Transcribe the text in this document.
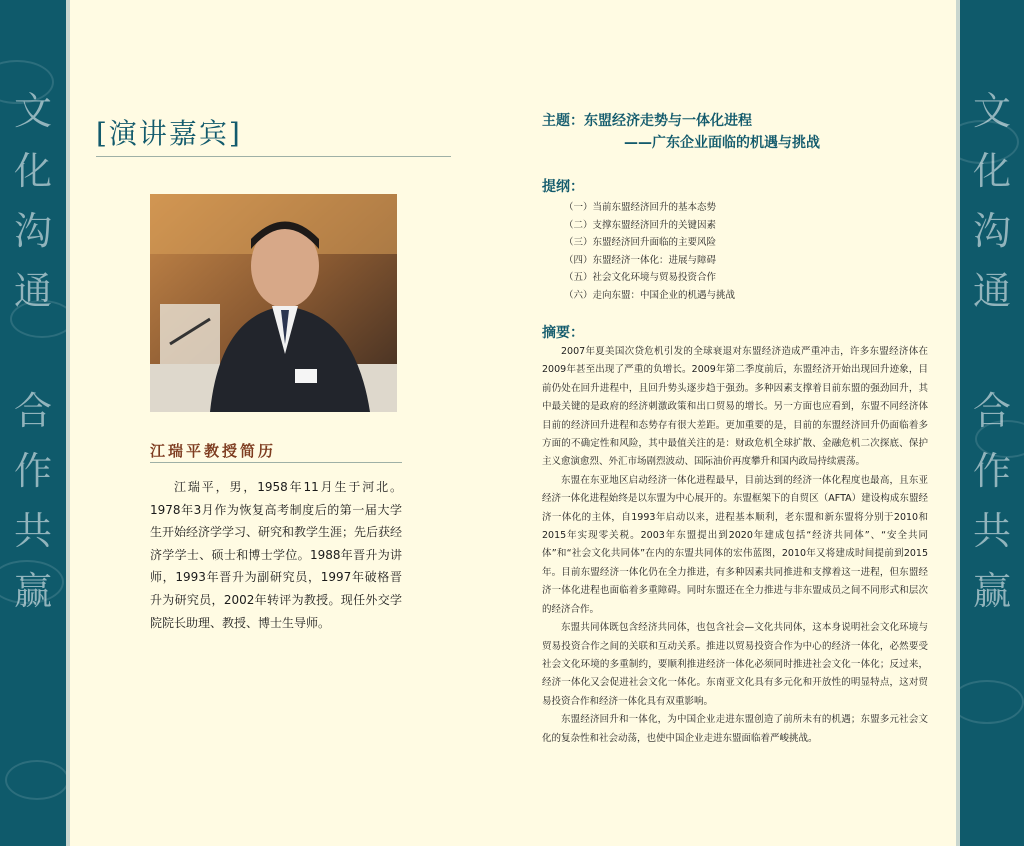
文
化
沟
通
合
作
共
赢
文
化
沟
通
合
作
共
赢
[演讲嘉宾]
江瑞平教授简历

江瑞平，男，1958年11月生于河北。1978年3月作为恢复高考制度后的第一届大学生开始经济学学习、研究和教学生涯；先后获经济学学士、硕士和博士学位。1988年晋升为讲师，1993年晋升为副研究员，1997年破格晋升为研究员，2002年转评为教授。现任外交学院院长助理、教授、博士生导师。

主题：东盟经济走势与一体化进程
——广东企业面临的机遇与挑战
提纲：
（一）当前东盟经济回升的基本态势
（二）支撑东盟经济回升的关键因素
（三）东盟经济回升面临的主要风险
（四）东盟经济一体化：进展与障碍
（五）社会文化环境与贸易投资合作
（六）走向东盟：中国企业的机遇与挑战
摘要：

2007年夏美国次贷危机引发的全球衰退对东盟经济造成严重冲击，许多东盟经济体在2009年甚至出现了严重的负增长。2009年第二季度前后，东盟经济开始出现回升迹象，目前仍处在回升进程中，且回升势头逐步趋于强劲。多种因素支撑着目前东盟的强劲回升，其中最关键的是政府的经济刺激政策和出口贸易的增长。另一方面也应看到，东盟不同经济体目前的经济回升进程和态势存有很大差距。更加重要的是，目前的东盟经济回升仍面临着多方面的不确定性和风险，其中最值关注的是：财政危机全球扩散、金融危机二次探底、保护主义愈演愈烈、外汇市场剧烈波动、国际油价再度攀升和国内政局持续震荡。

东盟在东亚地区启动经济一体化进程最早，目前达到的经济一体化程度也最高，且东亚经济一体化进程始终是以东盟为中心展开的。东盟框架下的自贸区（AFTA）建设构成东盟经济一体化的主体，自1993年启动以来，进程基本顺利，老东盟和新东盟将分别于2010和2015年实现零关税。2003年东盟提出到2020年建成包括“经济共同体”、“安全共同体”和“社会文化共同体”在内的东盟共同体的宏伟蓝图，2010年又将建成时间提前到2015年。目前东盟经济一体化仍在全力推进，有多种因素共同推进和支撑着这一进程，但东盟经济一体化进程也面临着多重障碍。同时东盟还在全力推进与非东盟成员之间不同形式和层次的经济合作。

东盟共同体既包含经济共同体，也包含社会—文化共同体，这本身说明社会文化环境与贸易投资合作之间的关联和互动关系。推进以贸易投资合作为中心的经济一体化，必然要受社会文化环境的多重制约，要顺利推进经济一体化必须同时推进社会文化一体化；反过来，经济一体化又会促进社会文化一体化。东南亚文化具有多元化和开放性的明显特点，这对贸易投资合作和经济一体化具有双重影响。

东盟经济回升和一体化，为中国企业走进东盟创造了前所未有的机遇；东盟多元社会文化的复杂性和社会动荡，也使中国企业走进东盟面临着严峻挑战。
